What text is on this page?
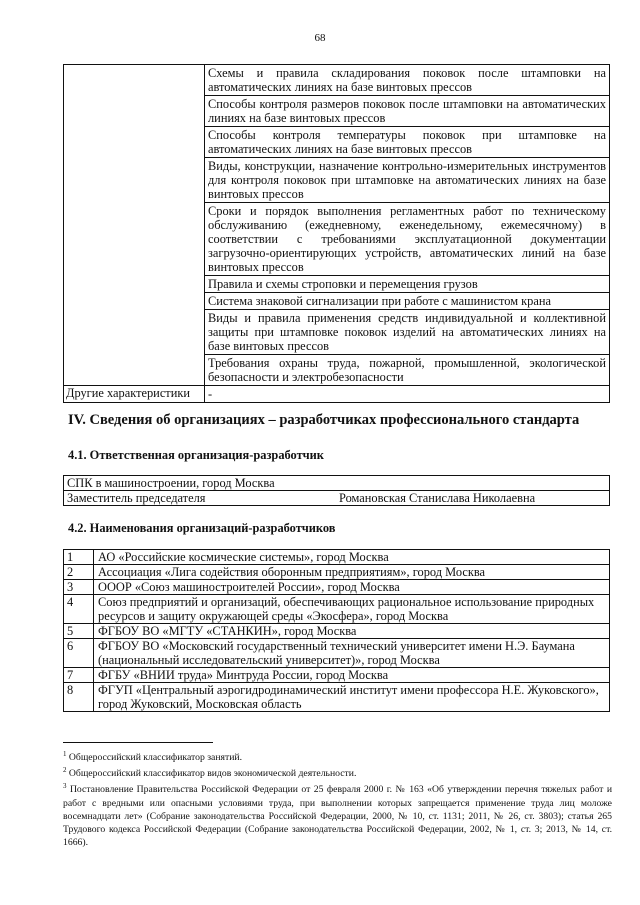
68
	Схемы и правила складирования поковок после штамповки на автоматических линиях на базе винтовых прессов
	Способы контроля размеров поковок после штамповки на автоматических линиях на базе винтовых прессов
	Способы контроля температуры поковок при штамповке на автоматических линиях на базе винтовых прессов
	Виды, конструкции, назначение контрольно-измерительных инструментов для контроля поковок при штамповке на автоматических линиях на базе винтовых прессов
	Сроки и порядок выполнения регламентных работ по техническому обслуживанию (ежедневному, еженедельному, ежемесячному) в соответствии с требованиями эксплуатационной документации загрузочно-ориентирующих устройств, автоматических линий на базе винтовых прессов
	Правила и схемы строповки и перемещения грузов
	Система знаковой сигнализации при работе с машинистом крана
	Виды и правила применения средств индивидуальной и коллективной защиты при штамповке поковок изделий на автоматических линиях на базе винтовых прессов
	Требования охраны труда, пожарной, промышленной, экологической безопасности и электробезопасности
Другие характеристики	-
IV. Сведения об организациях – разработчиках профессионального стандарта
4.1. Ответственная организация-разработчик
СПК в машиностроении, город Москва
Заместитель председателя	Романовская Станислава Николаевна
4.2. Наименования организаций-разработчиков
1	АО «Российские космические системы», город Москва
2	Ассоциация «Лига содействия оборонным предприятиям», город Москва
3	ОООР «Союз машиностроителей России», город Москва
4	Союз предприятий и организаций, обеспечивающих рациональное использование природных ресурсов и защиту окружающей среды «Экосфера», город Москва
5	ФГБОУ ВО «МГТУ «СТАНКИН», город Москва
6	ФГБОУ ВО «Московский государственный технический университет имени Н.Э. Баумана (национальный исследовательский университет)», город Москва
7	ФГБУ «ВНИИ труда» Минтруда России, город Москва
8	ФГУП «Центральный аэрогидродинамический институт имени профессора Н.Е. Жуковского», город Жуковский, Московская область
$^1$ Общероссийский классификатор занятий.
$^2$ Общероссийский классификатор видов экономической деятельности.
$^3$ Постановление Правительства Российской Федерации от 25 февраля 2000 г. № 163 «Об утверждении перечня тяжелых работ и работ с вредными или опасными условиями труда, при выполнении которых запрещается применение труда лиц моложе восемнадцати лет» (Собрание законодательства Российской Федерации, 2000, № 10, ст. 1131; 2011, № 26, ст. 3803); статья 265 Трудового кодекса Российской Федерации (Собрание законодательства Российской Федерации, 2002, № 1, ст. 3; 2013, № 14, ст. 1666).
